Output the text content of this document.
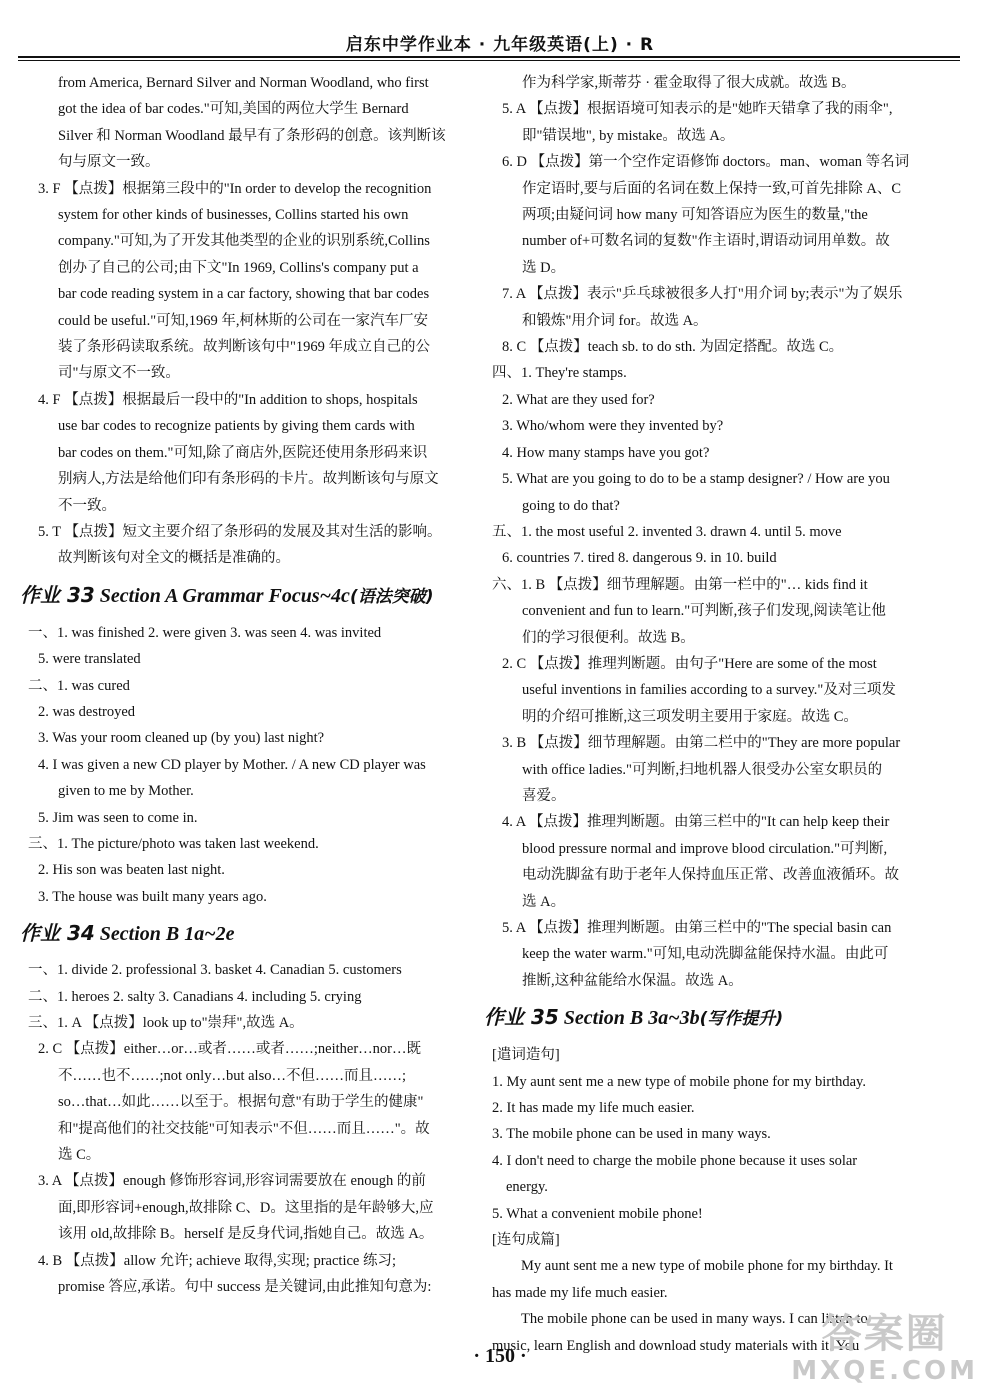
启东中学作业本 · 九年级英语(上) · R
from America, Bernard Silver and Norman Woodland, who first
got the idea of bar codes."可知,美国的两位大学生 Bernard
Silver 和 Norman Woodland 最早有了条形码的创意。该判断该
句与原文一致。
3. F 【点拨】根据第三段中的"In order to develop the recognition
system for other kinds of businesses, Collins started his own
company."可知,为了开发其他类型的企业的识别系统,Collins
创办了自己的公司;由下文"In 1969, Collins's company put a
bar code reading system in a car factory, showing that bar codes
could be useful."可知,1969 年,柯林斯的公司在一家汽车厂安
装了条形码读取系统。故判断该句中"1969 年成立自己的公
司"与原文不一致。
4. F 【点拨】根据最后一段中的"In addition to shops, hospitals
use bar codes to recognize patients by giving them cards with
bar codes on them."可知,除了商店外,医院还使用条形码来识
别病人,方法是给他们印有条形码的卡片。故判断该句与原文
不一致。
5. T 【点拨】短文主要介绍了条形码的发展及其对生活的影响。
故判断该句对全文的概括是准确的。
作业 33 Section A Grammar Focus~4c(语法突破)
一、1. was finished 2. were given 3. was seen 4. was invited
5. were translated
二、1. was cured
2. was destroyed
3. Was your room cleaned up (by you) last night?
4. I was given a new CD player by Mother. / A new CD player was
given to me by Mother.
5. Jim was seen to come in.
三、1. The picture/photo was taken last weekend.
2. His son was beaten last night.
3. The house was built many years ago.
作业 34 Section B 1a~2e
一、1. divide 2. professional 3. basket 4. Canadian 5. customers
二、1. heroes 2. salty 3. Canadians 4. including 5. crying
三、1. A 【点拨】look up to"崇拜",故选 A。
2. C 【点拨】either…or…或者……或者……;neither…nor…既
不……也不……;not only…but also…不但……而且……;
so…that…如此……以至于。根据句意"有助于学生的健康"
和"提高他们的社交技能"可知表示"不但……而且……"。故
选 C。
3. A 【点拨】enough 修饰形容词,形容词需要放在 enough 的前
面,即形容词+enough,故排除 C、D。这里指的是年龄够大,应
该用 old,故排除 B。herself 是反身代词,指她自己。故选 A。
4. B 【点拨】allow 允许; achieve 取得,实现; practice 练习;
promise 答应,承诺。句中 success 是关键词,由此推知句意为:
作为科学家,斯蒂芬 · 霍金取得了很大成就。故选 B。
5. A 【点拨】根据语境可知表示的是"她昨天错拿了我的雨伞",
即"错误地", by mistake。故选 A。
6. D 【点拨】第一个空作定语修饰 doctors。man、woman 等名词
作定语时,要与后面的名词在数上保持一致,可首先排除 A、C
两项;由疑问词 how many 可知答语应为医生的数量,"the
number of+可数名词的复数"作主语时,谓语动词用单数。故
选 D。
7. A 【点拨】表示"乒乓球被很多人打"用介词 by;表示"为了娱乐
和锻炼"用介词 for。故选 A。
8. C 【点拨】teach sb. to do sth. 为固定搭配。故选 C。
四、1. They're stamps.
2. What are they used for?
3. Who/whom were they invented by?
4. How many stamps have you got?
5. What are you going to do to be a stamp designer? / How are you
going to do that?
五、1. the most useful 2. invented 3. drawn 4. until 5. move
6. countries 7. tired 8. dangerous 9. in 10. build
六、1. B 【点拨】细节理解题。由第一栏中的"… kids find it
convenient and fun to learn."可判断,孩子们发现,阅读笔让他
们的学习很便利。故选 B。
2. C 【点拨】推理判断题。由句子"Here are some of the most
useful inventions in families according to a survey."及对三项发
明的介绍可推断,这三项发明主要用于家庭。故选 C。
3. B 【点拨】细节理解题。由第二栏中的"They are more popular
with office ladies."可判断,扫地机器人很受办公室女职员的
喜爱。
4. A 【点拨】推理判断题。由第三栏中的"It can help keep their
blood pressure normal and improve blood circulation."可判断,
电动洗脚盆有助于老年人保持血压正常、改善血液循环。故
选 A。
5. A 【点拨】推理判断题。由第三栏中的"The special basin can
keep the water warm."可知,电动洗脚盆能保持水温。由此可
推断,这种盆能给水保温。故选 A。
作业 35 Section B 3a~3b(写作提升)
[遣词造句]
1. My aunt sent me a new type of mobile phone for my birthday.
2. It has made my life much easier.
3. The mobile phone can be used in many ways.
4. I don't need to charge the mobile phone because it uses solar
energy.
5. What a convenient mobile phone!
[连句成篇]
My aunt sent me a new type of mobile phone for my birthday. It
has made my life much easier.
The mobile phone can be used in many ways. I can listen to
music, learn English and download study materials with it. You
· 150 ·	答案圈
MXQE.COM
